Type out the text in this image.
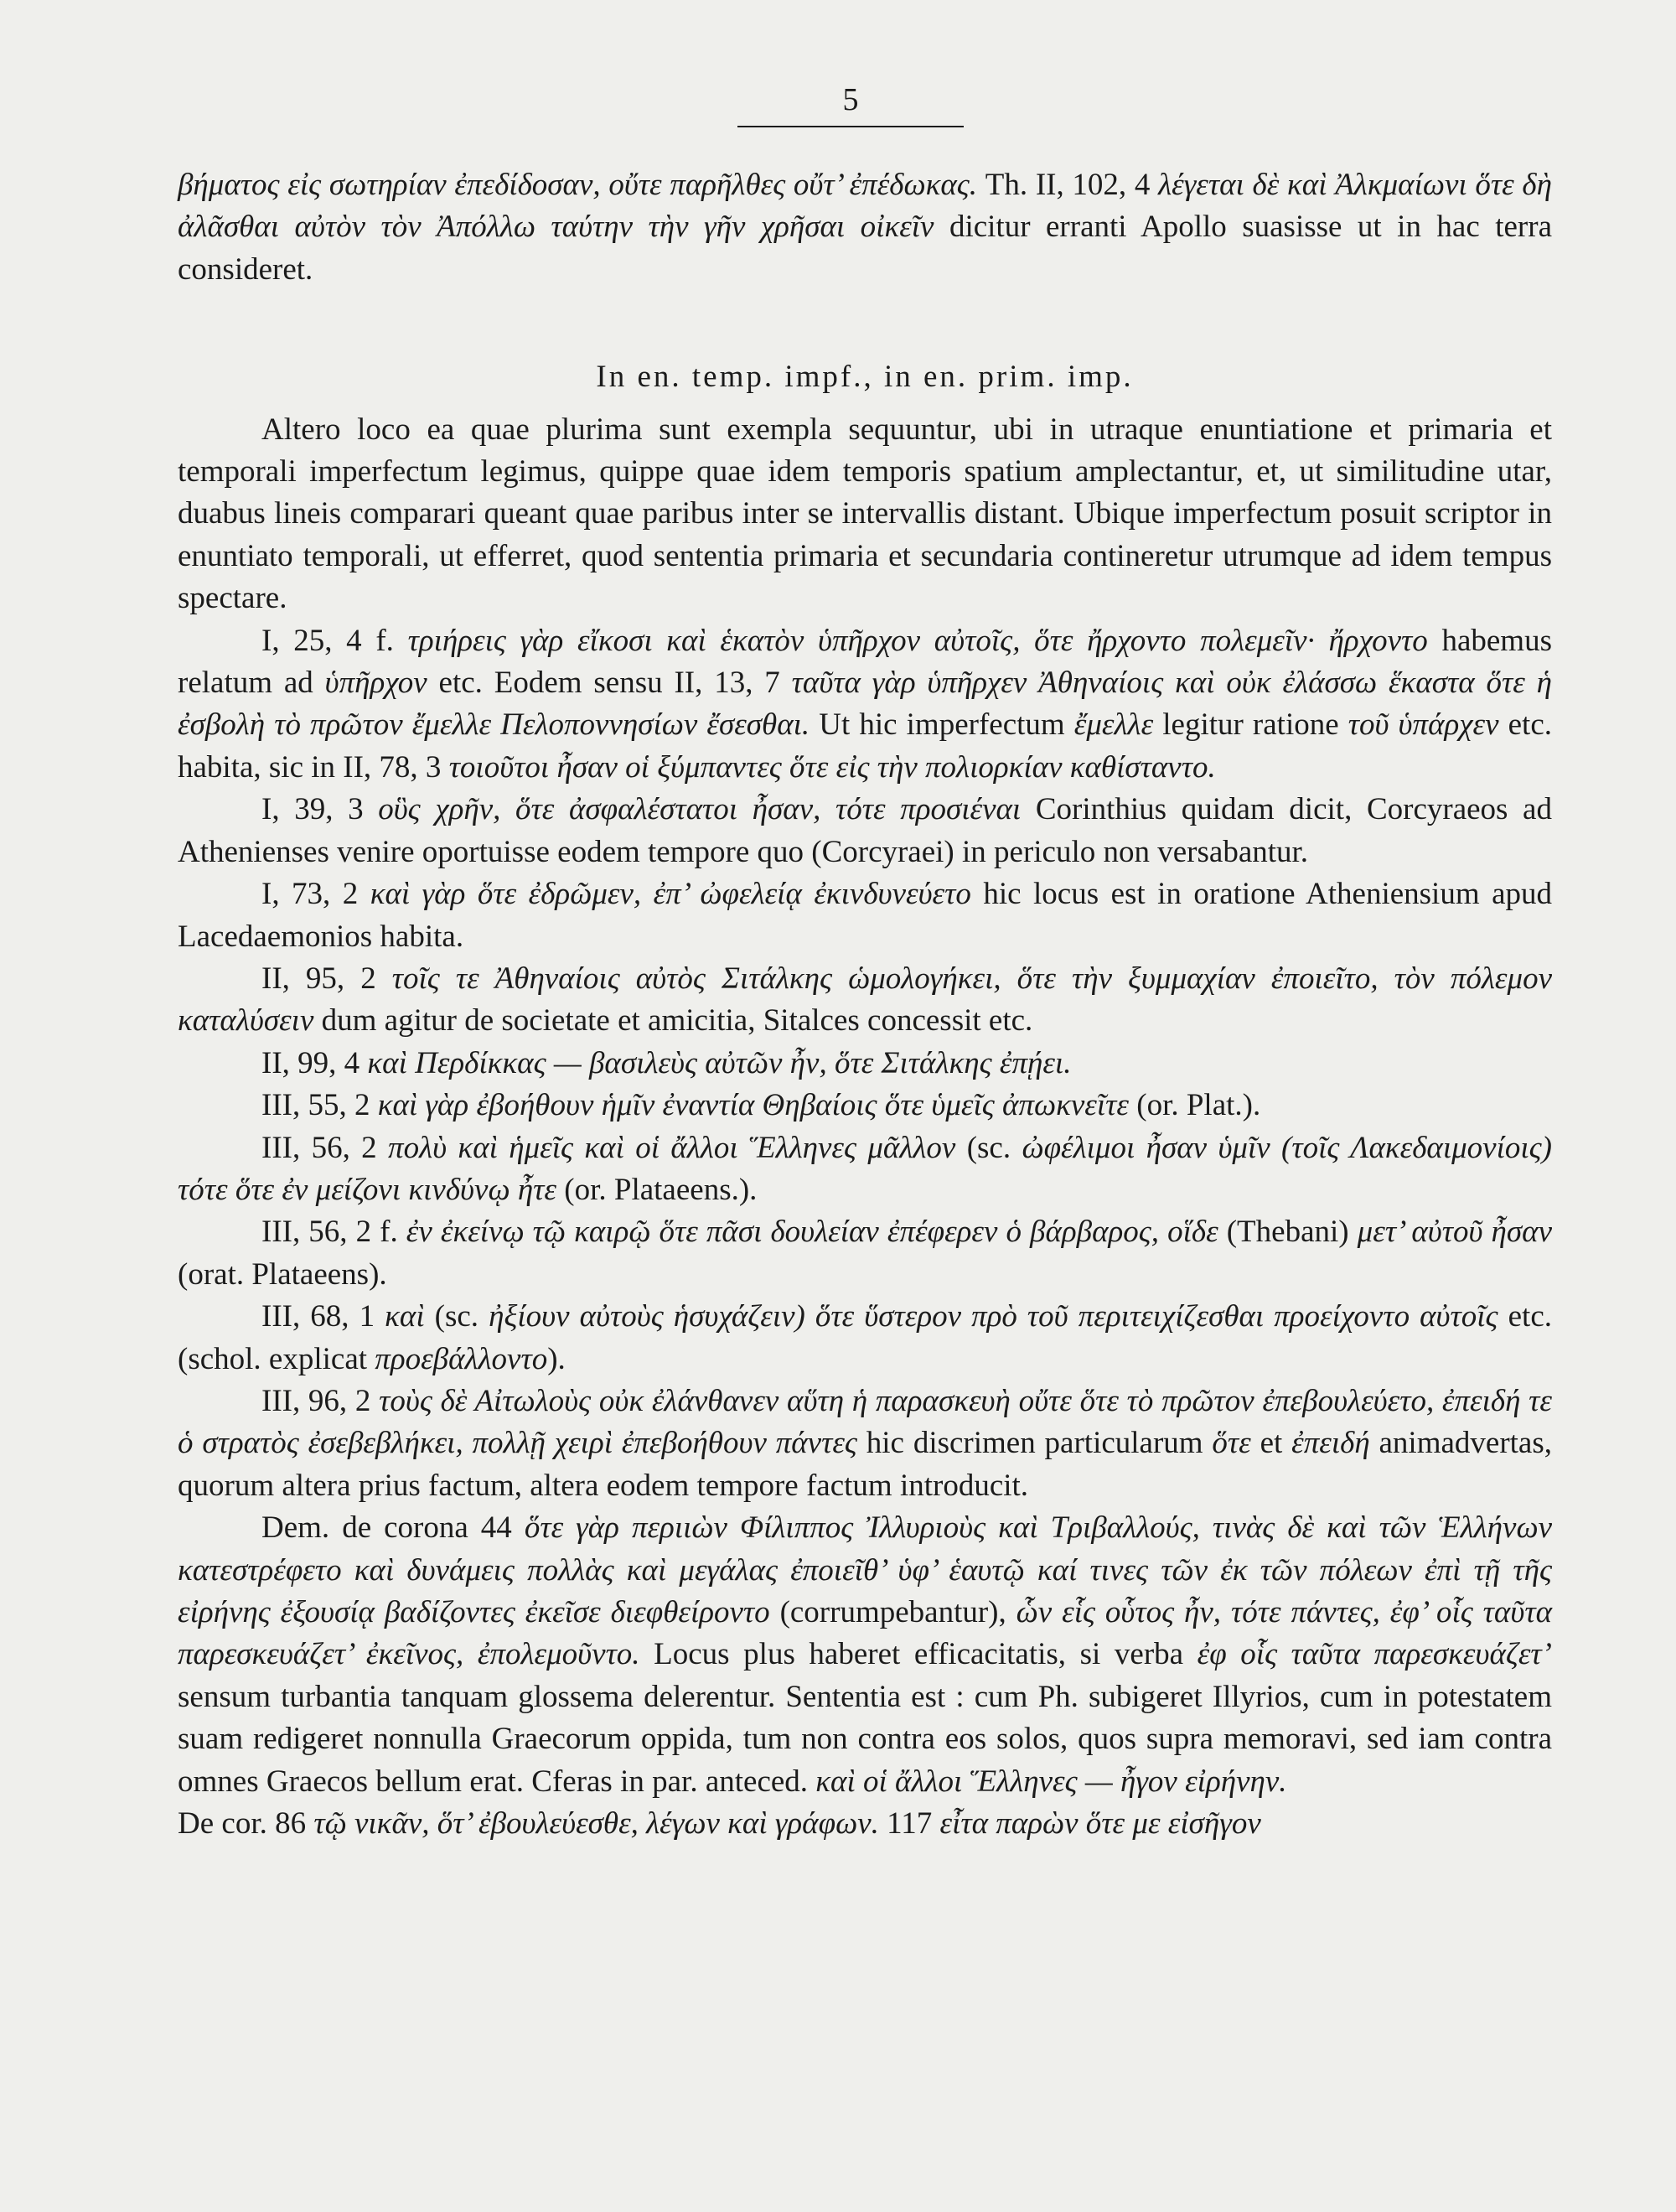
5

βήματος εἰς σωτηρίαν ἐπεδίδοσαν, οὔτε παρῆλθες οὔτ’ ἐπέδωκας. Th. II, 102, 4 λέγεται δὲ καὶ Ἀλκμαίωνι ὅτε δὴ ἀλᾶσθαι αὐτὸν τὸν Ἀπόλλω ταύτην τὴν γῆν χρῆσαι οἰκεῖν dicitur erranti Apollo suasisse ut in hac terra consideret.

In en. temp. impf., in en. prim. imp.

Altero loco ea quae plurima sunt exempla sequuntur, ubi in utraque enuntiatione et primaria et temporali imperfectum legimus, quippe quae idem temporis spatium amplectantur, et, ut similitudine utar, duabus lineis comparari queant quae paribus inter se intervallis distant. Ubique imperfectum posuit scriptor in enuntiato temporali, ut efferret, quod sententia primaria et secundaria contineretur utrumque ad idem tempus spectare.

I, 25, 4 f. τριήρεις γὰρ εἴκοσι καὶ ἑκατὸν ὑπῆρχον αὐτοῖς, ὅτε ἤρχοντο πολεμεῖν· ἤρχοντο habemus relatum ad ὑπῆρχον etc. Eodem sensu II, 13, 7 ταῦτα γὰρ ὑπῆρχεν Ἀθηναίοις καὶ οὐκ ἐλάσσω ἕκαστα ὅτε ἡ ἐσβολὴ τὸ πρῶτον ἔμελλε Πελοποννησίων ἔσεσθαι. Ut hic imperfectum ἔμελλε legitur ratione τοῦ ὑπάρχεν etc. habita, sic in II, 78, 3 τοιοῦτοι ἦσαν οἱ ξύμπαντες ὅτε εἰς τὴν πολιορκίαν καθίσταντο.

I, 39, 3 οὓς χρῆν, ὅτε ἀσφαλέστατοι ἦσαν, τότε προσιέναι Corinthius quidam dicit, Corcyraeos ad Athenienses venire oportuisse eodem tempore quo (Corcyraei) in periculo non versabantur.

I, 73, 2 καὶ γὰρ ὅτε ἐδρῶμεν, ἐπ’ ὠφελείᾳ ἐκινδυνεύετο hic locus est in oratione Atheniensium apud Lacedaemonios habita.

II, 95, 2 τοῖς τε Ἀθηναίοις αὐτὸς Σιτάλκης ὡμολογήκει, ὅτε τὴν ξυμμαχίαν ἐποιεῖτο, τὸν πόλεμον καταλύσειν dum agitur de societate et amicitia, Sitalces concessit etc.

II, 99, 4 καὶ Περδίκκας — βασιλεὺς αὐτῶν ἦν, ὅτε Σιτάλκης ἐπῄει.

III, 55, 2 καὶ γὰρ ἐβοήθουν ἡμῖν ἐναντία Θηβαίοις ὅτε ὑμεῖς ἀπωκνεῖτε (or. Plat.).

III, 56, 2 πολὺ καὶ ἡμεῖς καὶ οἱ ἄλλοι Ἕλληνες μᾶλλον (sc. ὠφέλιμοι ἦσαν ὑμῖν (τοῖς Λακεδαιμονίοις) τότε ὅτε ἐν μείζονι κινδύνῳ ἦτε (or. Plataeens.).

III, 56, 2 f. ἐν ἐκείνῳ τῷ καιρῷ ὅτε πᾶσι δουλείαν ἐπέφερεν ὁ βάρβαρος, οἵδε (Thebani) μετ’ αὐτοῦ ἦσαν (orat. Plataeens).

III, 68, 1 καὶ (sc. ἠξίουν αὐτοὺς ἡσυχάζειν) ὅτε ὕστερον πρὸ τοῦ περιτειχίζεσθαι προείχοντο αὐτοῖς etc. (schol. explicat προεβάλλοντο).

III, 96, 2 τοὺς δὲ Αἰτωλοὺς οὐκ ἐλάνθανεν αὕτη ἡ παρασκευὴ οὔτε ὅτε τὸ πρῶτον ἐπεβουλεύετο, ἐπειδή τε ὁ στρατὸς ἐσεβεβλήκει, πολλῇ χειρὶ ἐπεβοήθουν πάντες hic discrimen particularum ὅτε et ἐπειδή animadvertas, quorum altera prius factum, altera eodem tempore factum introducit.

Dem. de corona 44 ὅτε γὰρ περιιὼν Φίλιππος Ἰλλυριοὺς καὶ Τριβαλλούς, τινὰς δὲ καὶ τῶν Ἑλλήνων κατεστρέφετο καὶ δυνάμεις πολλὰς καὶ μεγάλας ἐποιεῖθ’ ὑφ’ ἑαυτῷ καί τινες τῶν ἐκ τῶν πόλεων ἐπὶ τῇ τῆς εἰρήνης ἐξουσίᾳ βαδίζοντες ἐκεῖσε διεφθείροντο (corrumpebantur), ὧν εἷς οὗτος ἦν, τότε πάντες, ἐφ’ οἷς ταῦτα παρεσκευάζετ’ ἐκεῖνος, ἐπολεμοῦντο. Locus plus haberet efficacitatis, si verba ἐφ οἷς ταῦτα παρεσκευάζετ’ sensum turbantia tanquam glossema delerentur. Sententia est : cum Ph. subigeret Illyrios, cum in potestatem suam redigeret nonnulla Graecorum oppida, tum non contra eos solos, quos supra memoravi, sed iam contra omnes Graecos bellum erat. Cferas in par. anteced. καὶ οἱ ἄλλοι Ἕλληνες — ἦγον εἰρήνην.

De cor. 86 τῷ νικᾶν, ὅτ’ ἐβουλεύεσθε, λέγων καὶ γράφων. 117 εἶτα παρὼν ὅτε με εἰσῆγον
